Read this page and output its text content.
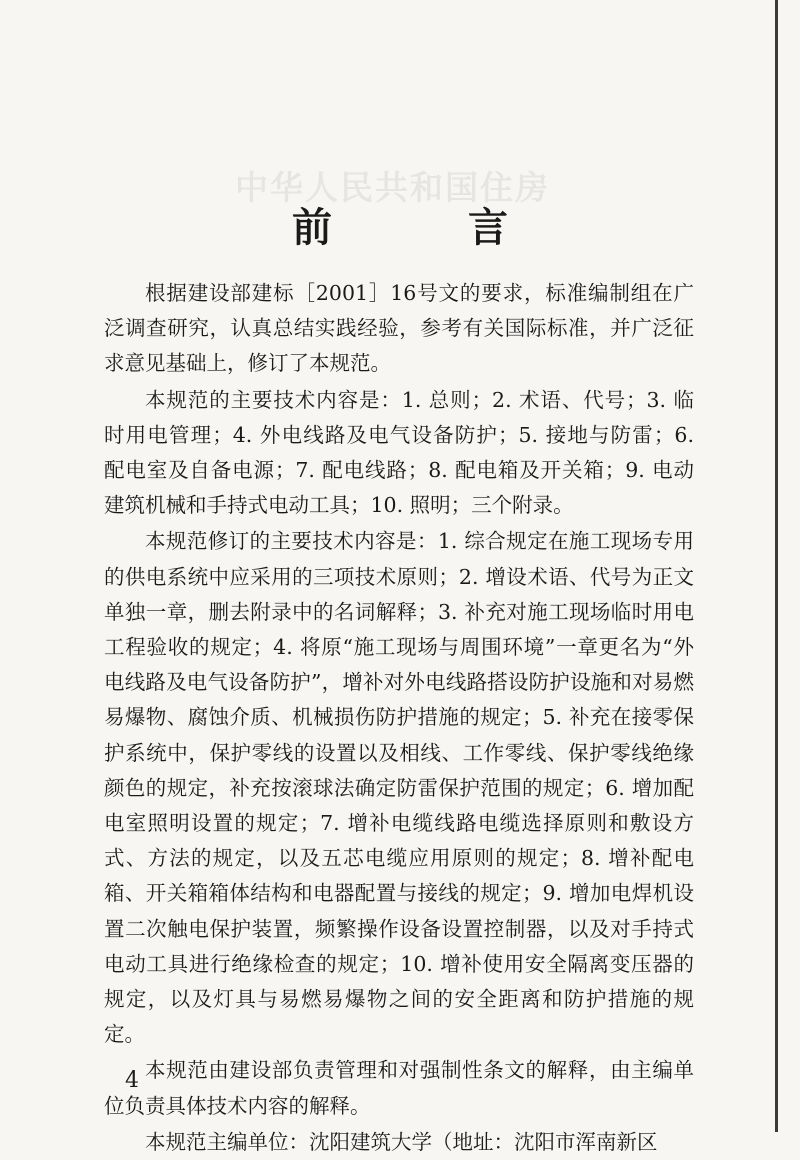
中华人民共和国住房
前　言

根据建设部建标［2001］16号文的要求，标准编制组在广泛调查研究，认真总结实践经验，参考有关国际标准，并广泛征求意见基础上，修订了本规范。

本规范的主要技术内容是：1. 总则；2. 术语、代号；3. 临时用电管理；4. 外电线路及电气设备防护；5. 接地与防雷；6. 配电室及自备电源；7. 配电线路；8. 配电箱及开关箱；9. 电动建筑机械和手持式电动工具；10. 照明；三个附录。

本规范修订的主要技术内容是：1. 综合规定在施工现场专用的供电系统中应采用的三项技术原则；2. 增设术语、代号为正文单独一章，删去附录中的名词解释；3. 补充对施工现场临时用电工程验收的规定；4. 将原“施工现场与周围环境”一章更名为“外电线路及电气设备防护”，增补对外电线路搭设防护设施和对易燃易爆物、腐蚀介质、机械损伤防护措施的规定；5. 补充在接零保护系统中，保护零线的设置以及相线、工作零线、保护零线绝缘颜色的规定，补充按滚球法确定防雷保护范围的规定；6. 增加配电室照明设置的规定；7. 增补电缆线路电缆选择原则和敷设方式、方法的规定，以及五芯电缆应用原则的规定；8. 增补配电箱、开关箱箱体结构和电器配置与接线的规定；9. 增加电焊机设置二次触电保护装置，频繁操作设备设置控制器，以及对手持式电动工具进行绝缘检查的规定；10. 增补使用安全隔离变压器的规定，以及灯具与易燃易爆物之间的安全距离和防护措施的规定。

本规范由建设部负责管理和对强制性条文的解释，由主编单位负责具体技术内容的解释。

本规范主编单位：沈阳建筑大学（地址：沈阳市浑南新区

4
